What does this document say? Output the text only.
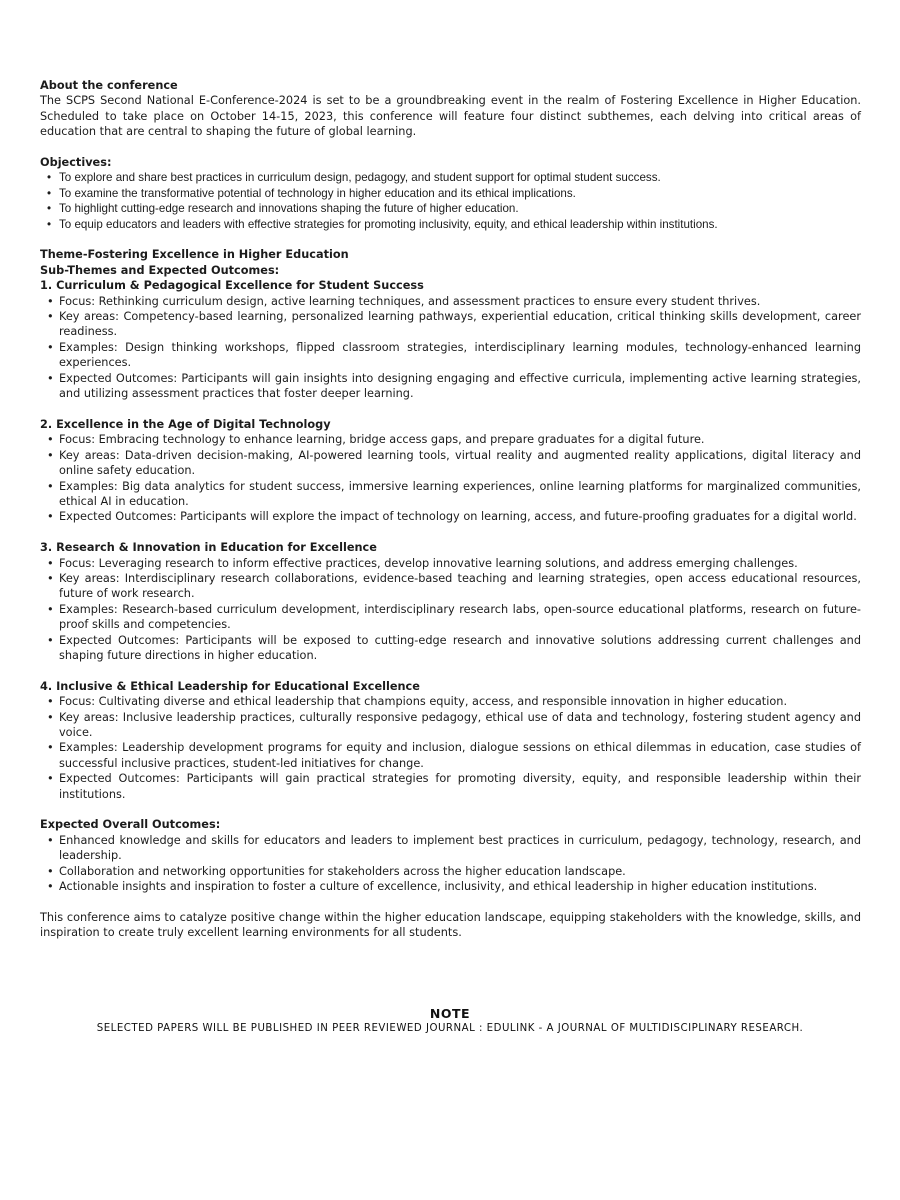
About the conference

The SCPS Second National E-Conference-2024 is set to be a groundbreaking event in the realm of Fostering Excellence in Higher Education. Scheduled to take place on October 14-15, 2023, this conference will feature four distinct subthemes, each delving into critical areas of education that are central to shaping the future of global learning.

Objectives:

• To explore and share best practices in curriculum design, pedagogy, and student support for optimal student success.
• To examine the transformative potential of technology in higher education and its ethical implications.
• To highlight cutting-edge research and innovations shaping the future of higher education.
• To equip educators and leaders with effective strategies for promoting inclusivity, equity, and ethical leadership within institutions.

Theme-Fostering Excellence in Higher Education

Sub-Themes and Expected Outcomes:

1. Curriculum & Pedagogical Excellence for Student Success

• Focus: Rethinking curriculum design, active learning techniques, and assessment practices to ensure every student thrives.
• Key areas: Competency-based learning, personalized learning pathways, experiential education, critical thinking skills development, career readiness.
• Examples: Design thinking workshops, flipped classroom strategies, interdisciplinary learning modules, technology-enhanced learning experiences.
• Expected Outcomes: Participants will gain insights into designing engaging and effective curricula, implementing active learning strategies, and utilizing assessment practices that foster deeper learning.

2. Excellence in the Age of Digital Technology

• Focus: Embracing technology to enhance learning, bridge access gaps, and prepare graduates for a digital future.
• Key areas: Data-driven decision-making, AI-powered learning tools, virtual reality and augmented reality applications, digital literacy and online safety education.
• Examples: Big data analytics for student success, immersive learning experiences, online learning platforms for marginalized communities, ethical AI in education.
• Expected Outcomes: Participants will explore the impact of technology on learning, access, and future-proofing graduates for a digital world.

3. Research & Innovation in Education for Excellence

• Focus: Leveraging research to inform effective practices, develop innovative learning solutions, and address emerging challenges.
• Key areas: Interdisciplinary research collaborations, evidence-based teaching and learning strategies, open access educational resources, future of work research.
• Examples: Research-based curriculum development, interdisciplinary research labs, open-source educational platforms, research on future-proof skills and competencies.
• Expected Outcomes: Participants will be exposed to cutting-edge research and innovative solutions addressing current challenges and shaping future directions in higher education.

4. Inclusive & Ethical Leadership for Educational Excellence

• Focus: Cultivating diverse and ethical leadership that champions equity, access, and responsible innovation in higher education.
• Key areas: Inclusive leadership practices, culturally responsive pedagogy, ethical use of data and technology, fostering student agency and voice.
• Examples: Leadership development programs for equity and inclusion, dialogue sessions on ethical dilemmas in education, case studies of successful inclusive practices, student-led initiatives for change.
• Expected Outcomes: Participants will gain practical strategies for promoting diversity, equity, and responsible leadership within their institutions.

Expected Overall Outcomes:

• Enhanced knowledge and skills for educators and leaders to implement best practices in curriculum, pedagogy, technology, research, and leadership.
• Collaboration and networking opportunities for stakeholders across the higher education landscape.
• Actionable insights and inspiration to foster a culture of excellence, inclusivity, and ethical leadership in higher education institutions.

This conference aims to catalyze positive change within the higher education landscape, equipping stakeholders with the knowledge, skills, and inspiration to create truly excellent learning environments for all students.

NOTE

SELECTED PAPERS WILL BE PUBLISHED IN PEER REVIEWED JOURNAL : EDULINK - A JOURNAL OF MULTIDISCIPLINARY RESEARCH.
